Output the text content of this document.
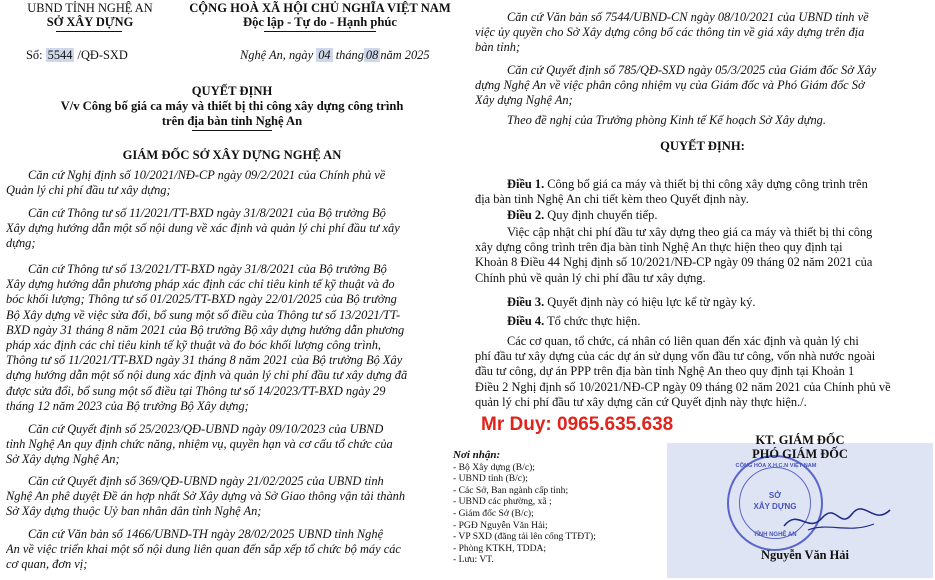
UBND TỈNH NGHỆ AN
SỞ XÂY DỰNG
Số: 5544 /QĐ-SXD
CỘNG HOÀ XÃ HỘI CHỦ NGHĨA VIỆT NAM
Độc lập - Tự do - Hạnh phúc
Nghệ An, ngày 04 tháng 08 năm 2025
QUYẾT ĐỊNH
V/v Công bố giá ca máy và thiết bị thi công xây dựng công trình
trên địa bàn tỉnh Nghệ An
GIÁM ĐỐC SỞ XÂY DỰNG NGHỆ AN
Căn cứ Nghị định số 10/2021/NĐ-CP ngày 09/2/2021 của Chính phủ về
Quản lý chi phí đầu tư xây dựng;
Căn cứ Thông tư số 11/2021/TT-BXD ngày 31/8/2021 của Bộ trưởng Bộ
Xây dựng hướng dẫn một số nội dung về xác định và quản lý chi phí đầu tư xây
dựng;
Căn cứ Thông tư số 13/2021/TT-BXD ngày 31/8/2021 của Bộ trưởng Bộ
Xây dựng hướng dẫn phương pháp xác định các chỉ tiêu kinh tế kỹ thuật và đo
bóc khối lượng; Thông tư số 01/2025/TT-BXD ngày 22/01/2025 của Bộ trưởng
Bộ Xây dựng về việc sửa đổi, bổ sung một số điều của Thông tư số 13/2021/TT-
BXD ngày 31 tháng 8 năm 2021 của Bộ trưởng Bộ xây dựng hướng dẫn phương
pháp xác định các chỉ tiêu kinh tế kỹ thuật và đo bóc khối lượng công trình,
Thông tư số 11/2021/TT-BXD ngày 31 tháng 8 năm 2021 của Bộ trưởng Bộ Xây
dựng hướng dẫn một số nội dung xác định và quản lý chi phí đầu tư xây dựng đã
được sửa đổi, bổ sung một số điều tại Thông tư số 14/2023/TT-BXD ngày 29
tháng 12 năm 2023 của Bộ trưởng Bộ Xây dựng;
Căn cứ Quyết định số 25/2023/QĐ-UBND ngày 09/10/2023 của UBND
tỉnh Nghệ An quy định chức năng, nhiệm vụ, quyền hạn và cơ cấu tổ chức của
Sở Xây dựng Nghệ An;
Căn cứ Quyết định số 369/QĐ-UBND ngày 21/02/2025 của UBND tỉnh
Nghệ An phê duyệt Đề án hợp nhất Sở Xây dựng và Sở Giao thông vận tải thành
Sở Xây dựng thuộc Uỷ ban nhân dân tỉnh Nghệ An;
Căn cứ Văn bản số 1466/UBND-TH ngày 28/02/2025 UBND tỉnh Nghệ
An về việc triển khai một số nội dung liên quan đến sắp xếp tổ chức bộ máy các
cơ quan, đơn vị;
Căn cứ Văn bản số 7544/UBND-CN ngày 08/10/2021 của UBND tỉnh về
việc ủy quyền cho Sở Xây dựng công bố các thông tin về giá xây dựng trên địa
bàn tỉnh;
Căn cứ Quyết định số 785/QĐ-SXD ngày 05/3/2025 của Giám đốc Sở Xây
dựng Nghệ An về việc phân công nhiệm vụ của Giám đốc và Phó Giám đốc Sở
Xây dựng Nghệ An;
Theo đề nghị của Trưởng phòng Kinh tế Kế hoạch Sở Xây dựng.
QUYẾT ĐỊNH:
Điều 1. Công bố giá ca máy và thiết bị thi công xây dựng công trình trên
địa bàn tỉnh Nghệ An chi tiết kèm theo Quyết định này.
Điều 2. Quy định chuyển tiếp.
Việc cập nhật chi phí đầu tư xây dựng theo giá ca máy và thiết bị thi công
xây dựng công trình trên địa bàn tỉnh Nghệ An thực hiện theo quy định tại
Khoản 8 Điều 44 Nghị định số 10/2021/NĐ-CP ngày 09 tháng 02 năm 2021 của
Chính phủ về quản lý chi phí đầu tư xây dựng.
Điều 3. Quyết định này có hiệu lực kể từ ngày ký.
Điều 4. Tổ chức thực hiện.
Các cơ quan, tổ chức, cá nhân có liên quan đến xác định và quản lý chi
phí đầu tư xây dựng của các dự án sử dụng vốn đầu tư công, vốn nhà nước ngoài
đầu tư công, dự án PPP trên địa bàn tỉnh Nghệ An theo quy định tại Khoản 1
Điều 2 Nghị định số 10/2021/NĐ-CP ngày 09 tháng 02 năm 2021 của Chính phủ về
quản lý chi phí đầu tư xây dựng căn cứ Quyết định này thực hiện./.
Mr Duy: 0965.635.638
KT. GIÁM ĐỐC
PHÓ GIÁM ĐỐC
CỘNG HÒA X.H.C.N VIỆT NAM
SỞ
XÂY DỰNG
TỈNH NGHỆ AN
Nguyễn Văn Hải
Nơi nhận:
- Bộ Xây dựng (B/c);
- UBND tỉnh (B/c);
- Các Sở, Ban ngành cấp tỉnh;
- UBND các phường, xã ;
- Giám đốc Sở (B/c);
- PGĐ Nguyễn Văn Hải;
- VP SXD (đăng tải lên cổng TTĐT);
- Phòng KTKH, TDDA;
- Lưu: VT.
